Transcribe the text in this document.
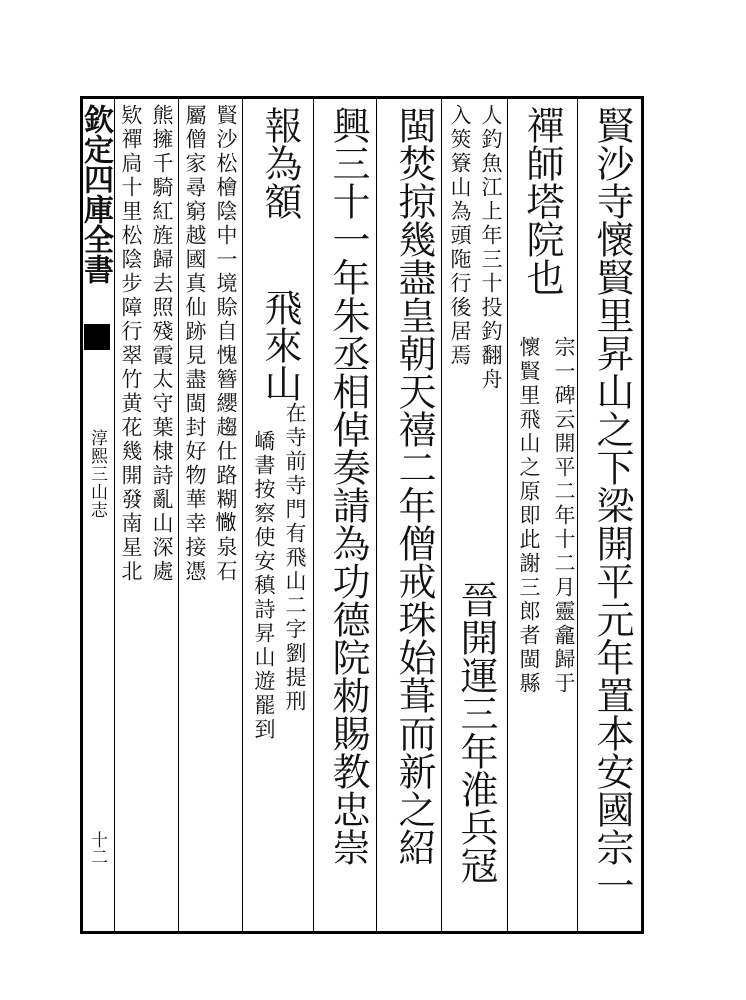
欽定四庫全書
淳熙三山志
十二	賢沙寺懷賢里昇山之下梁開平元年置本安國宗一
禪師塔院也
宗一碑云開平二年十二月靈龕歸于
懷賢里飛山之原即此謝三郎者閩縣
人釣魚江上年三十投釣翻舟
入筴簝山為頭陁行後居焉
晉開運三年淮兵冦
閩焚掠幾盡皇朝天禧二年僧戒珠始葺而新之紹
興三十一年朱丞相倬奏請為功德院勑賜教忠崇
報為額
飛來山
在寺前寺門有飛山二字劉提刑
嶠書按察使安稹詩昇山遊罷到
賢沙松檜陰中一境賒自愧簪纓趨仕路糊𢠵泉石
屬僧家尋窮越國真仙跡見盡閩封好物華幸接憑
熊擁千騎紅旌歸去照殘霞太守葉棣詩亂山深處
欵禪扃十里松陰步障行翠竹黄花幾開發南星北
